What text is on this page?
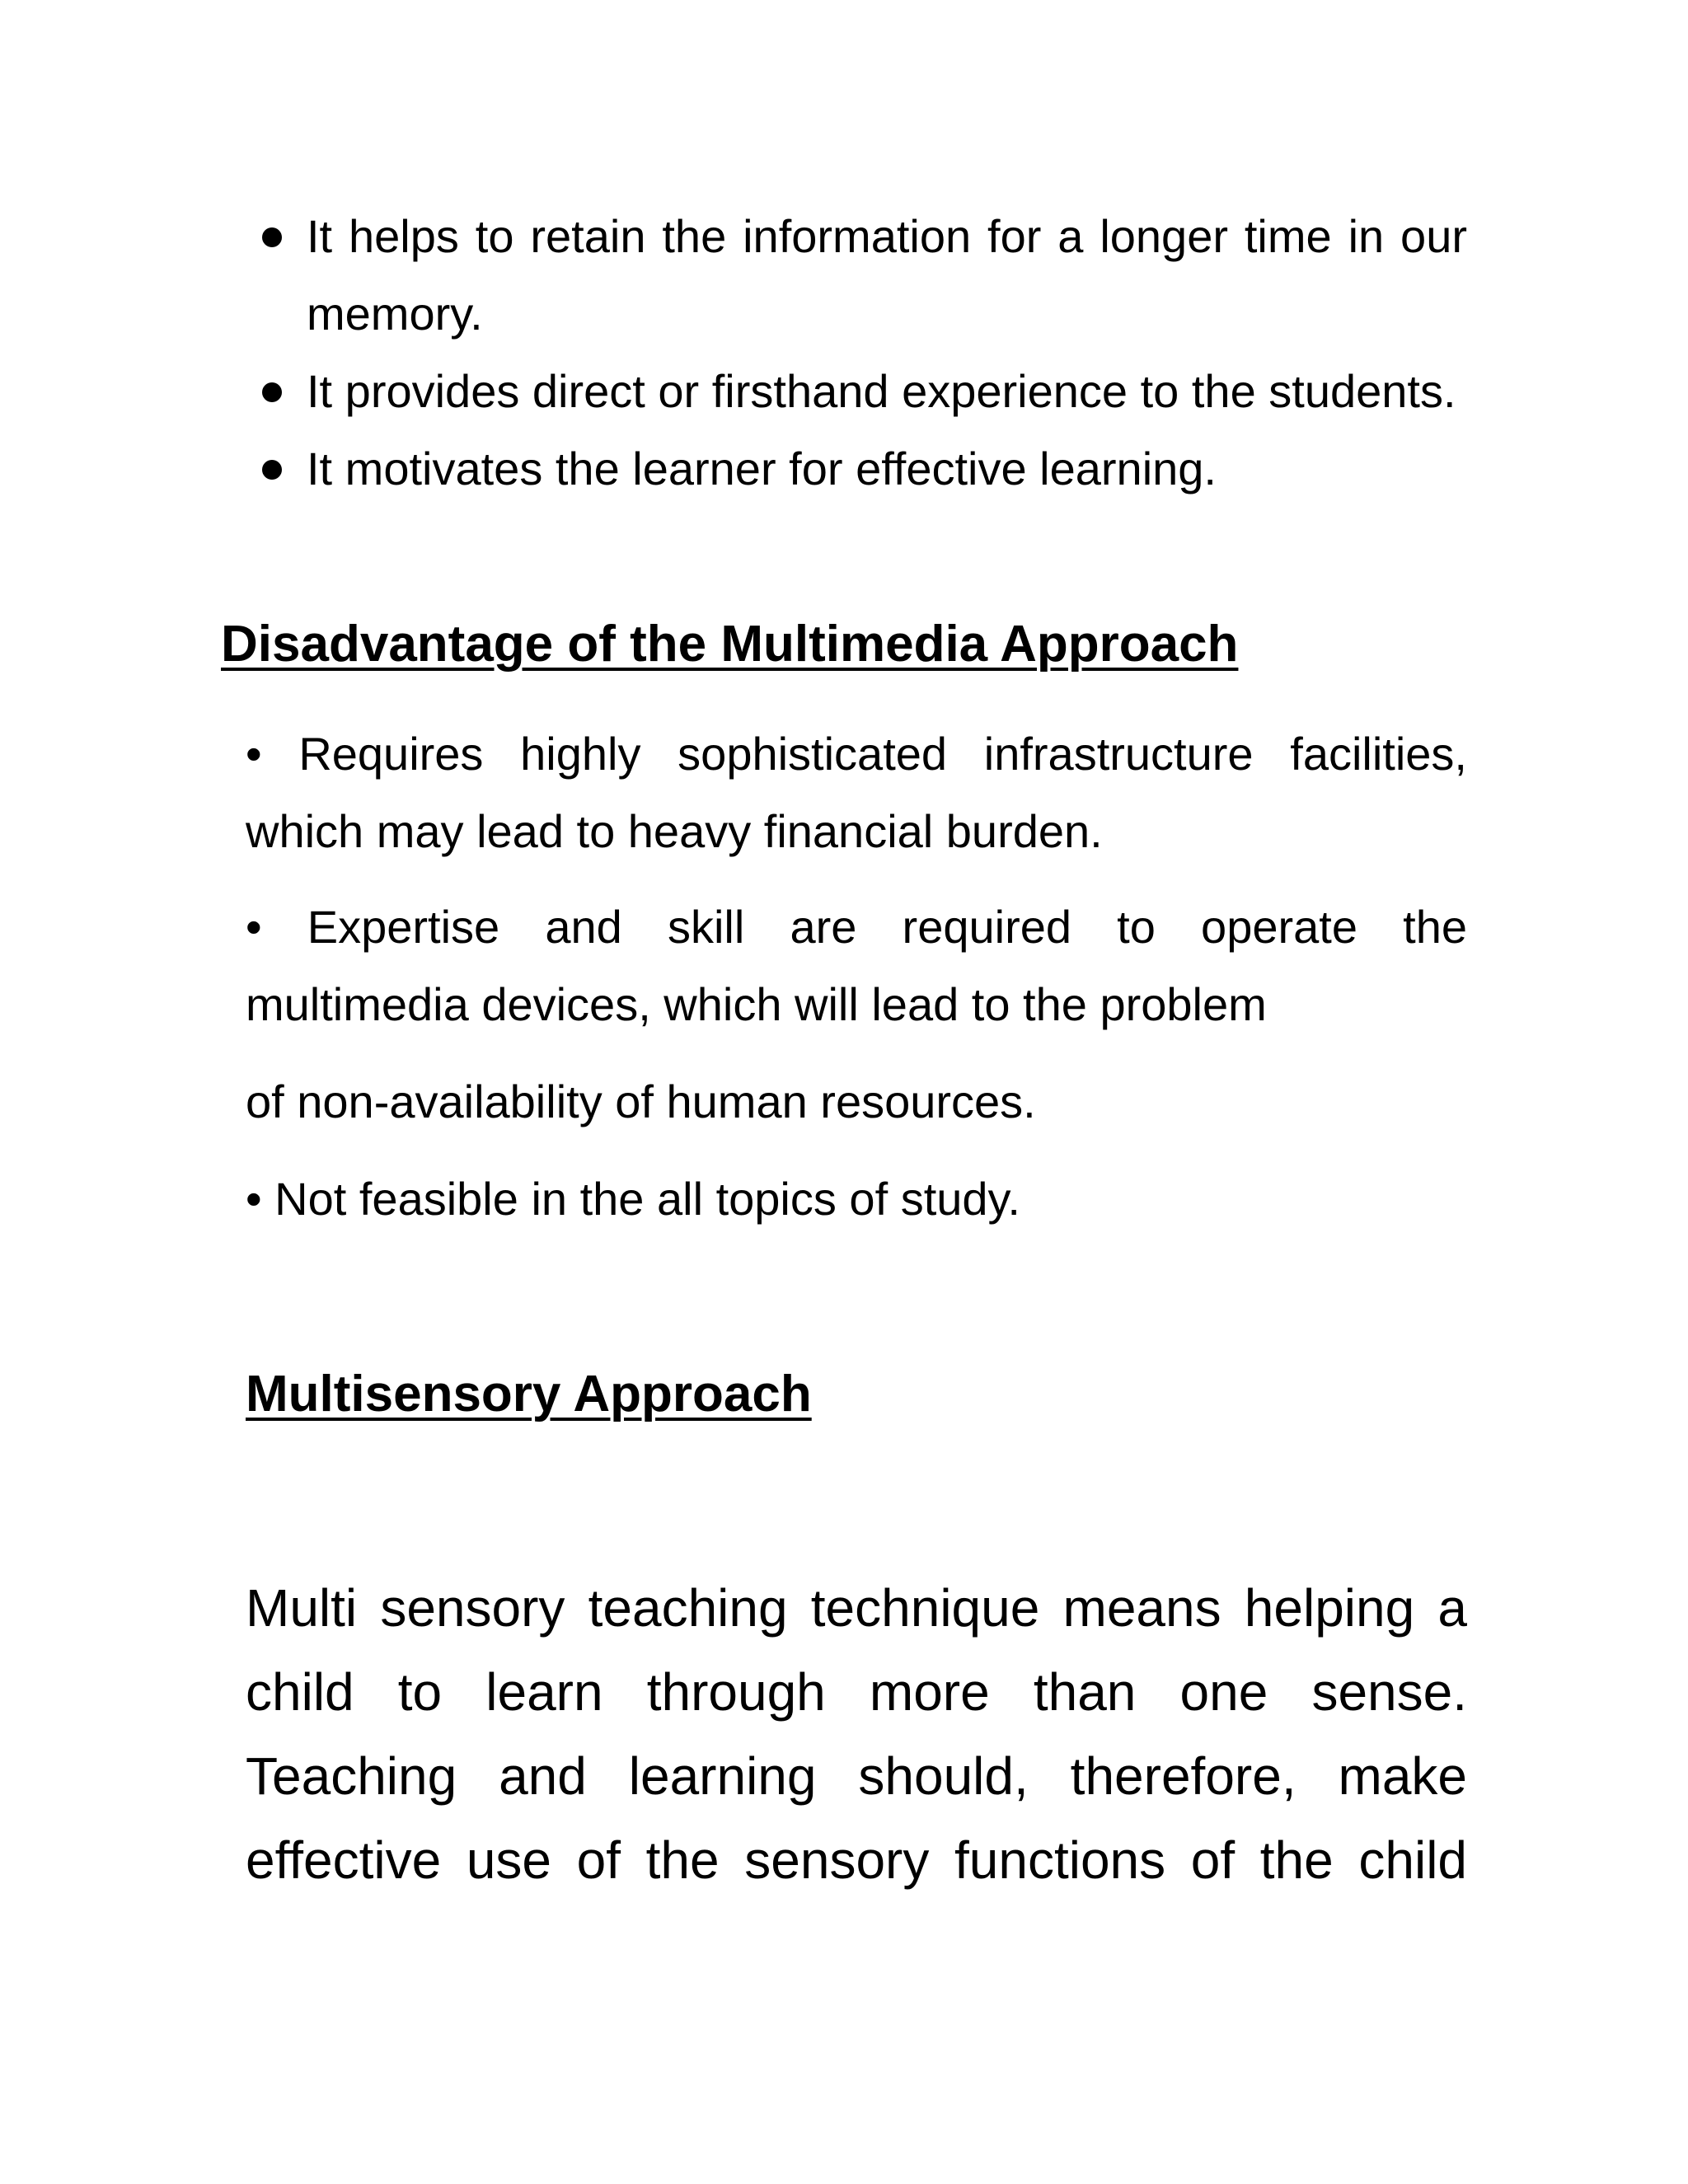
It helps to retain the information for a longer time in our memory.
It provides direct or firsthand experience to the students.
It motivates the learner for effective learning.
Disadvantage of the Multimedia Approach

• Requires highly sophisticated infrastructure facilities, which may lead to heavy financial burden.

• Expertise and skill are required to operate the
multimedia devices, which will lead to the problem

of non-availability of human resources.

• Not feasible in the all topics of study.

Multisensory Approach

Multi sensory teaching technique means helping a child to learn through more than one sense. Teaching and learning should, therefore, make effective use of the sensory functions of the child
